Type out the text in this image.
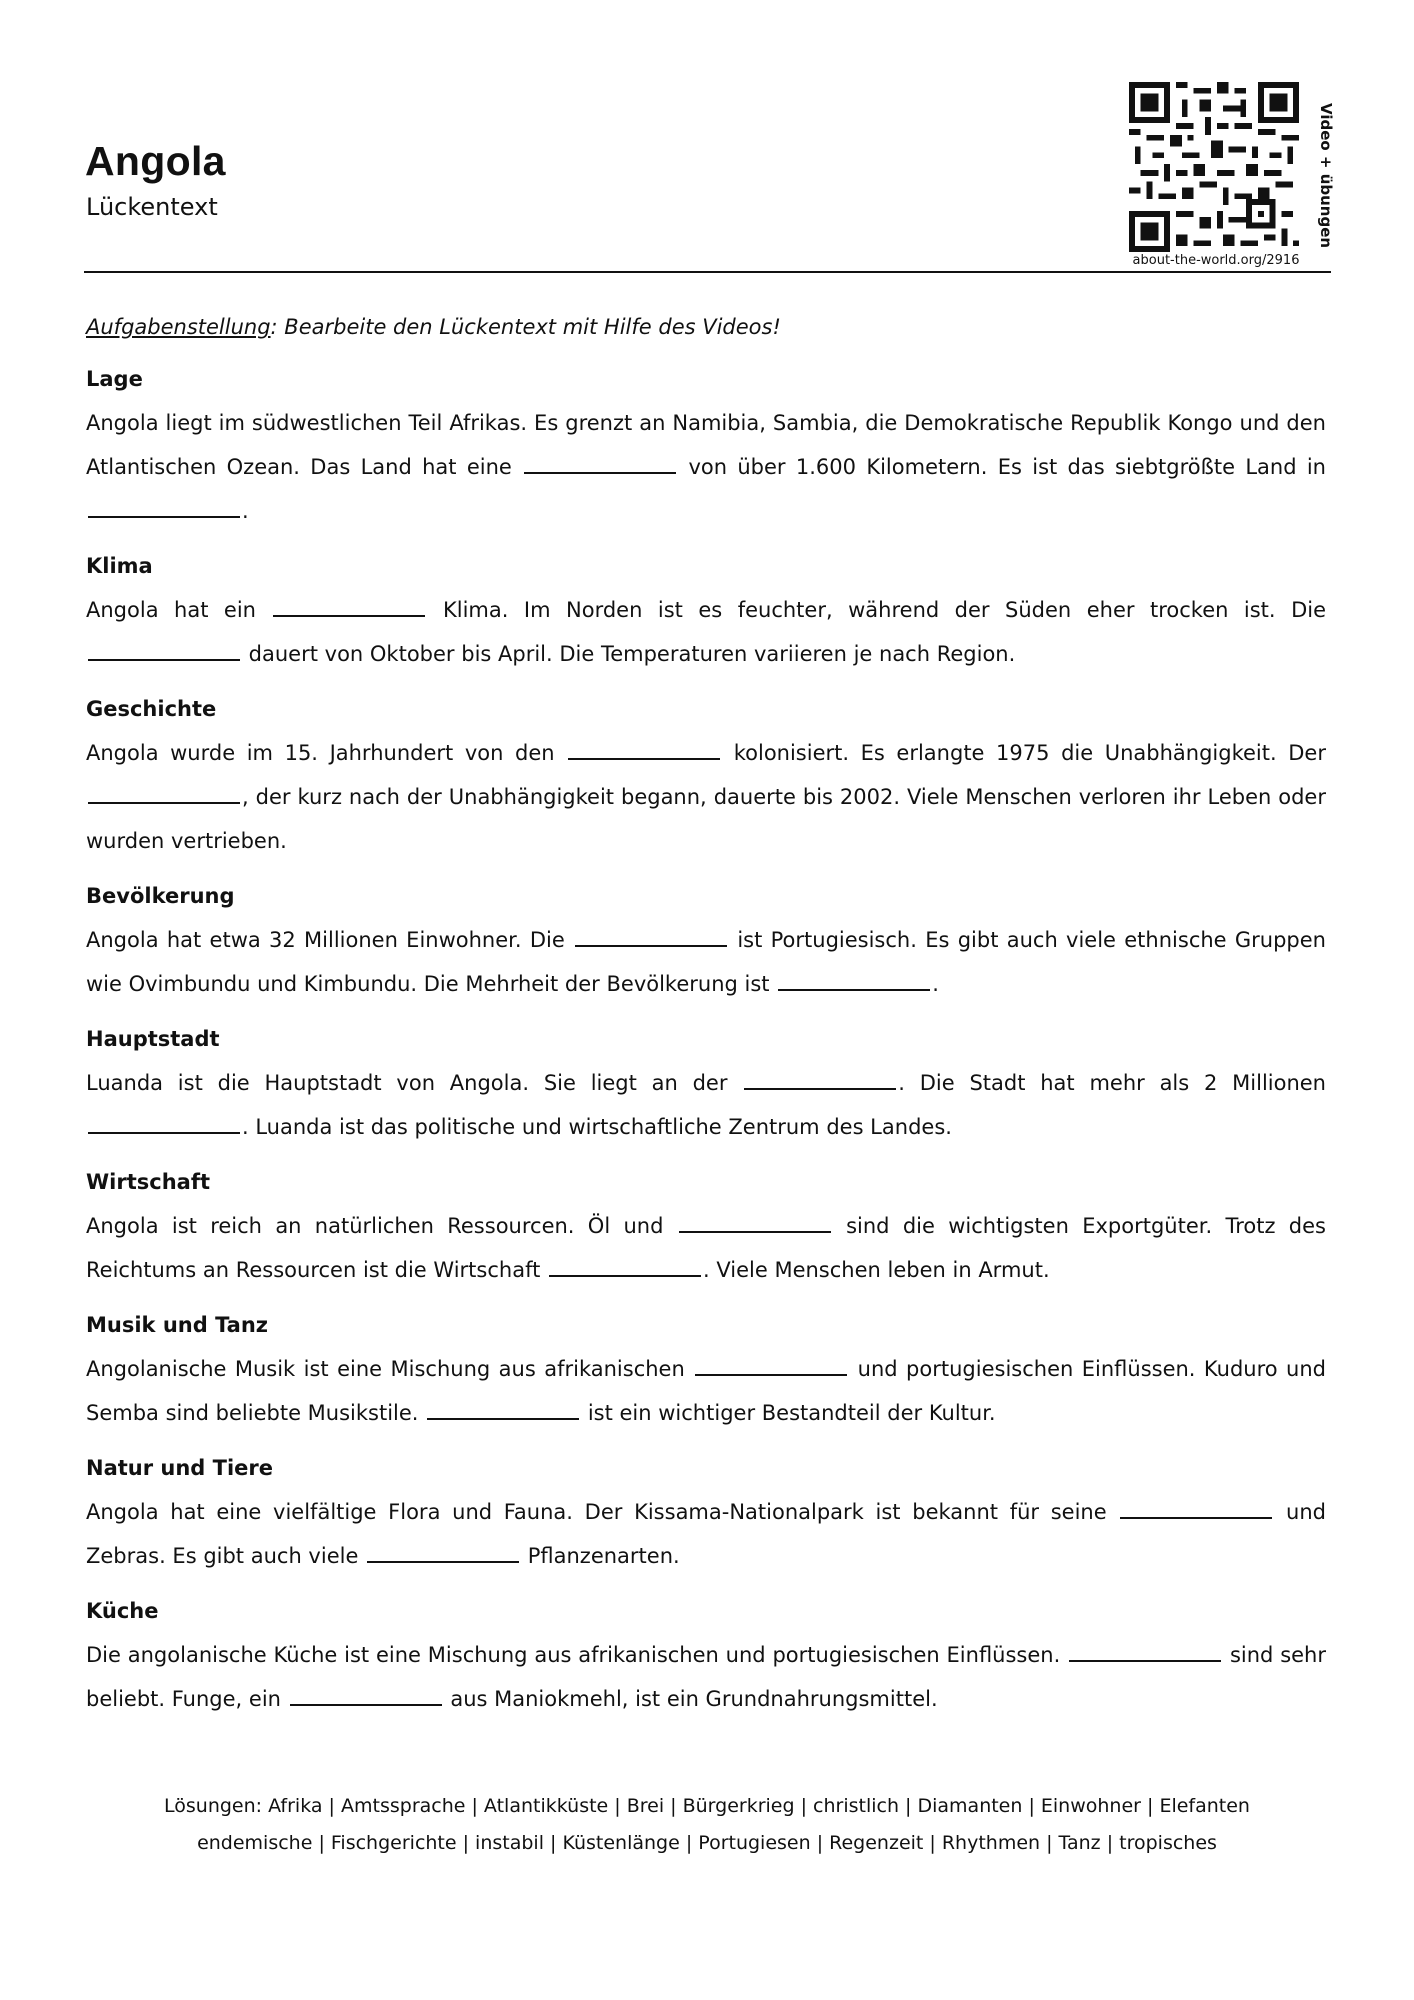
Angola
Lückentext	Video + übungen
about-the-world.org/2916
Aufgabenstellung: Bearbeite den Lückentext mit Hilfe des Videos!
Lage

Angola liegt im südwestlichen Teil Afrikas. Es grenzt an Namibia, Sambia, die Demokratische Republik Kongo und den Atlantischen Ozean. Das Land hat eine	von über 1.600 Kilometern. Es ist das siebtgrößte Land in .

Klima

Angola hat ein	Klima. Im Norden ist es feuchter, während der Süden eher trocken ist. Die  dauert von Oktober bis April. Die Temperaturen variieren je nach Region.

Geschichte

Angola wurde im 15. Jahrhundert von den	kolonisiert. Es erlangte 1975 die Unabhängigkeit. Der , der kurz nach der Unabhängigkeit begann, dauerte bis 2002. Viele Menschen verloren ihr Leben oder wurden vertrieben.

Bevölkerung

Angola hat etwa 32 Millionen Einwohner. Die	ist Portugiesisch. Es gibt auch viele ethnische Gruppen wie Ovimbundu und Kimbundu. Die Mehrheit der Bevölkerung ist	.

Hauptstadt

Luanda ist die Hauptstadt von Angola. Sie liegt an der	. Die Stadt hat mehr als 2 Millionen . Luanda ist das politische und wirtschaftliche Zentrum des Landes.

Wirtschaft

Angola ist reich an natürlichen Ressourcen. Öl und	sind die wichtigsten Exportgüter. Trotz des Reichtums an Ressourcen ist die Wirtschaft	. Viele Menschen leben in Armut.

Musik und Tanz

Angolanische Musik ist eine Mischung aus afrikanischen	und portugiesischen Einflüssen. Kuduro und Semba sind beliebte Musikstile.	ist ein wichtiger Bestandteil der Kultur.

Natur und Tiere

Angola hat eine vielfältige Flora und Fauna. Der Kissama-Nationalpark ist bekannt für seine	und Zebras. Es gibt auch viele	Pflanzenarten.

Küche

Die angolanische Küche ist eine Mischung aus afrikanischen und portugiesischen Einflüssen.	sind sehr beliebt. Funge, ein	aus Maniokmehl, ist ein Grundnahrungsmittel.

Lösungen: Afrika | Amtssprache | Atlantikküste | Brei | Bürgerkrieg | christlich | Diamanten | Einwohner | Elefanten
endemische | Fischgerichte | instabil | Küstenlänge | Portugiesen | Regenzeit | Rhythmen | Tanz | tropisches
